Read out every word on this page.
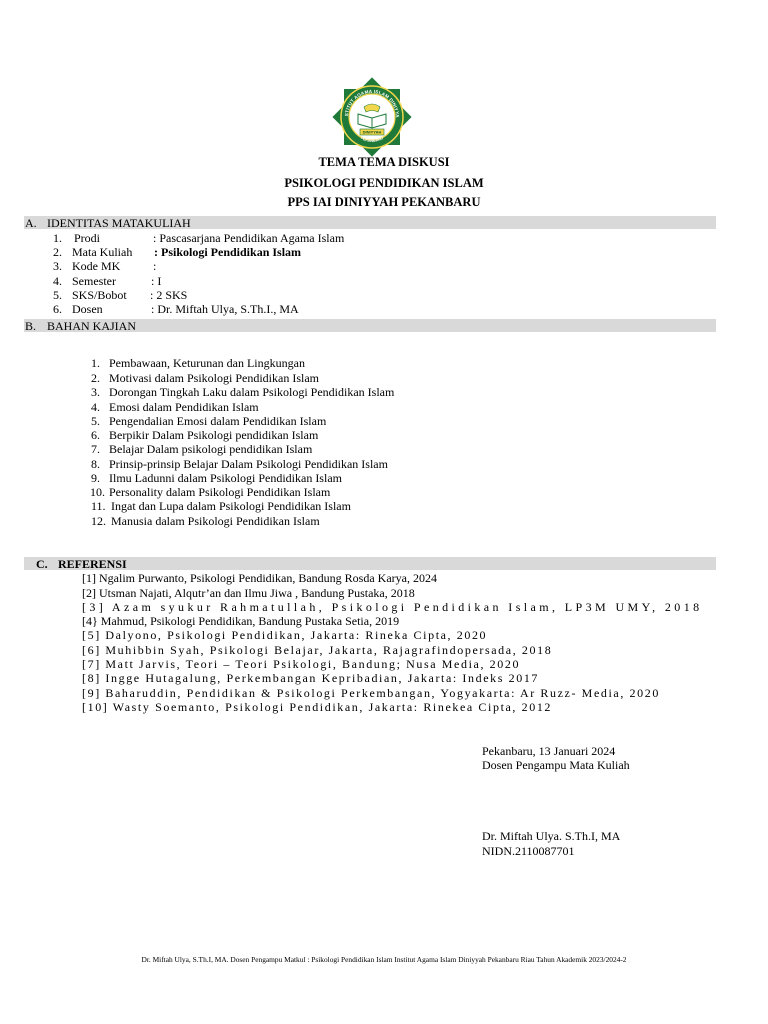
STITUT AGAMA ISLAM DINIYYA
PEKANBARU
DINIYYAH
TEMA TEMA DISKUSI
PSIKOLOGI PENDIDIKAN ISLAM
PPS IAI DINIYYAH PEKANBARU
A. IDENTITAS MATAKULIAH
1. Prodi	: Pascasarjana Pendidikan Agama Islam
2. Mata Kuliah : Psikologi Pendidikan Islam
3. Kode MK	:
4. Semester	: I
5. SKS/Bobot : 2 SKS
6. Dosen	: Dr. Miftah Ulya, S.Th.I., MA
B. BAHAN KAJIAN
1. Pembawaan, Keturunan dan Lingkungan
2. Motivasi dalam Psikologi Pendidikan Islam
3. Dorongan Tingkah Laku dalam Psikologi Pendidikan Islam
4. Emosi dalam Pendidikan Islam
5. Pengendalian Emosi dalam Pendidikan Islam
6. Berpikir Dalam Psikologi pendidikan Islam
7. Belajar Dalam psikologi pendidikan Islam
8. Prinsip-prinsip Belajar Dalam Psikologi Pendidikan Islam
9. Ilmu Ladunni dalam Psikologi Pendidikan Islam
10. Personality dalam Psikologi Pendidikan Islam
11. Ingat dan Lupa dalam Psikologi Pendidikan Islam
12. Manusia dalam Psikologi Pendidikan Islam
C. REFERENSI
[1] Ngalim Purwanto, Psikologi Pendidikan, Bandung Rosda Karya, 2024
[2] Utsman Najati, Alqutr’an dan Ilmu Jiwa , Bandung Pustaka, 2018
[3] Azam syukur Rahmatullah, Psikologi Pendidikan Islam, LP3M UMY, 2018
[4} Mahmud, Psikologi Pendidikan, Bandung Pustaka Setia, 2019
[5] Dalyono, Psikologi Pendidikan, Jakarta: Rineka Cipta, 2020
[6] Muhibbin Syah, Psikologi Belajar, Jakarta, Rajagrafindopersada, 2018
[7] Matt Jarvis, Teori – Teori Psikologi, Bandung; Nusa Media, 2020
[8] Ingge Hutagalung, Perkembangan Kepribadian, Jakarta: Indeks 2017
[9] Baharuddin, Pendidikan & Psikologi Perkembangan, Yogyakarta: Ar Ruzz- Media, 2020
[10] Wasty Soemanto, Psikologi Pendidikan, Jakarta: Rinekea Cipta, 2012
Pekanbaru, 13 Januari 2024
Dosen Pengampu Mata Kuliah
Dr. Miftah Ulya. S.Th.I, MA
NIDN.2110087701
Dr. Miftah Ulya, S.Th.I, MA. Dosen Pengampu Matkul : Psikologi Pendidikan Islam Institut Agama Islam Diniyyah Pekanbaru Riau Tahun Akademik 2023/2024-2
